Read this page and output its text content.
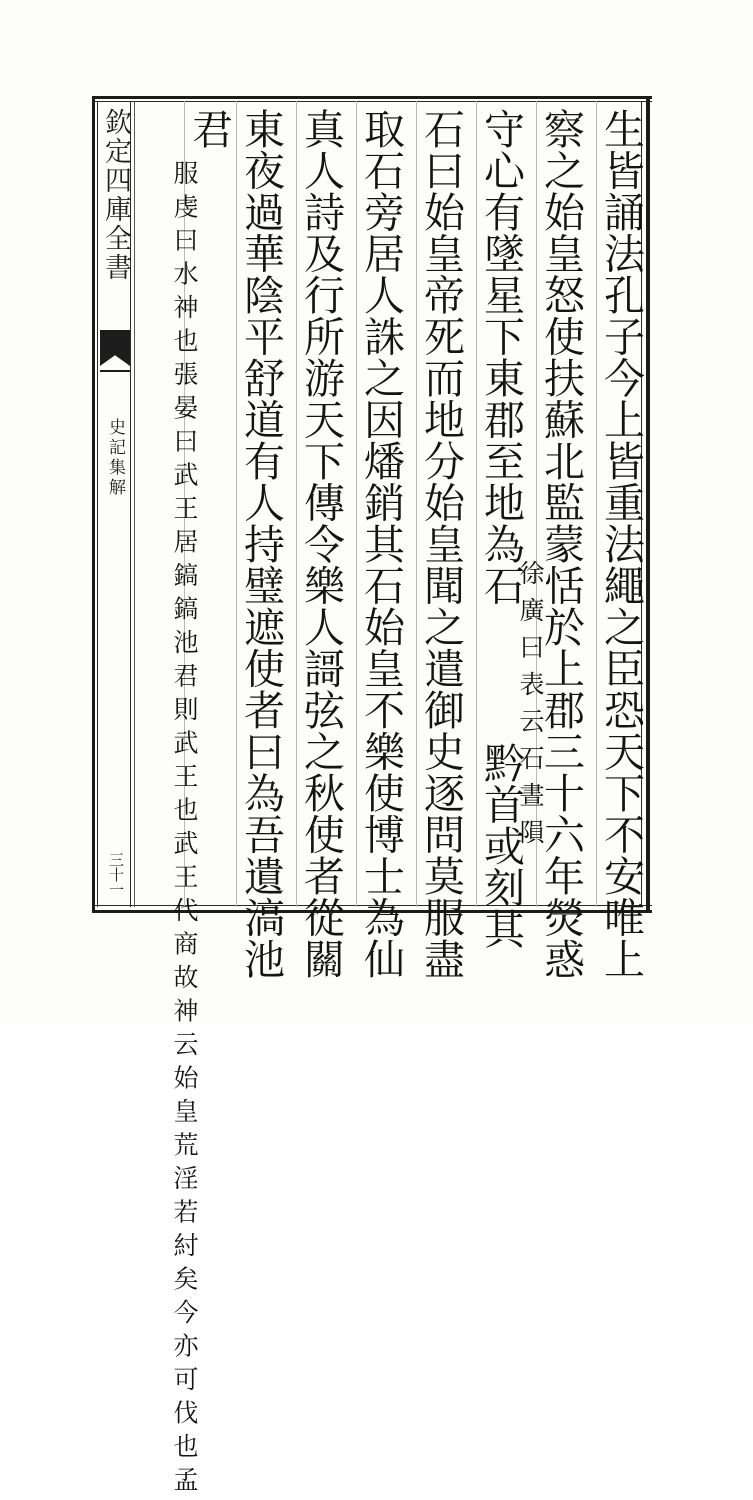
欽定四庫全書
史記集解
三十一	生皆誦法孔子今上皆重法繩之臣恐天下不安唯上
察之始皇怒使扶蘇北監蒙恬於上郡三十六年熒惑
守心有墜星下東郡至地為石
徐廣曰表云石晝隕
黔首或刻其
石曰始皇帝死而地分始皇聞之遣御史逐問莫服盡
取石旁居人誅之因燔銷其石始皇不樂使博士為仙
真人詩及行所游天下傳令樂人謌弦之秋使者從關
東夜過華陰平舒道有人持璧遮使者曰為吾遺滈池
君
服虔曰水神也張晏曰武王居鎬鎬池君則武王也武王代商故神云始皇荒淫若紂矣今亦可伐也孟
